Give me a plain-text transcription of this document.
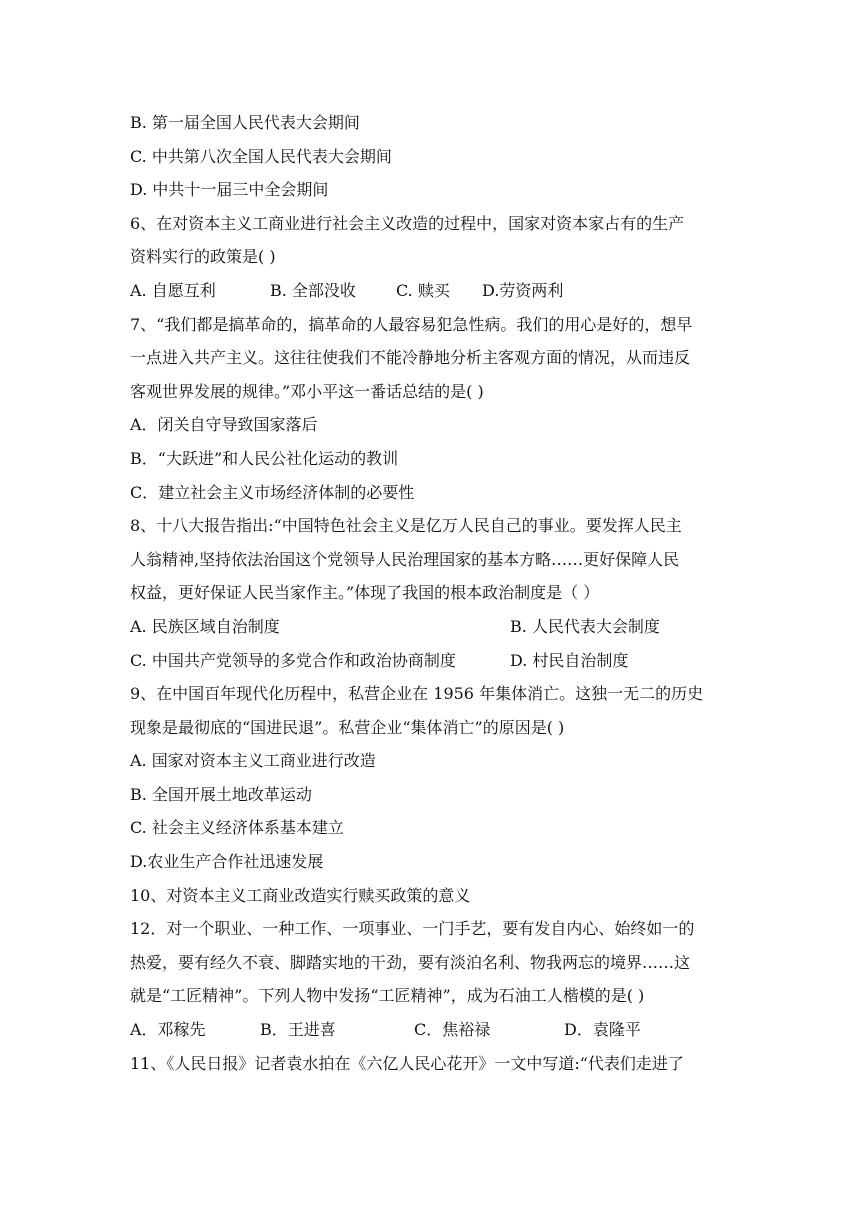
B. 第一届全国人民代表大会期间
C. 中共第八次全国人民代表大会期间
D. 中共十一届三中全会期间
6、在对资本主义工商业进行社会主义改造的过程中，国家对资本家占有的生产
资料实行的政策是( )
A. 自愿互利	B. 全部没收	C. 赎买	D.劳资两利
7、“我们都是搞革命的，搞革命的人最容易犯急性病。我们的用心是好的，想早
一点进入共产主义。这往往使我们不能冷静地分析主客观方面的情况，从而违反
客观世界发展的规律。”邓小平这一番话总结的是( )
A．闭关自守导致国家落后
B．“大跃进”和人民公社化运动的教训
C．建立社会主义市场经济体制的必要性
8、十八大报告指出:“中国特色社会主义是亿万人民自己的事业。要发挥人民主
人翁精神,坚持依法治国这个党领导人民治理国家的基本方略……更好保障人民
权益，更好保证人民当家作主。”体现了我国的根本政治制度是（ ）
A. 民族区域自治制度	B. 人民代表大会制度
C. 中国共产党领导的多党合作和政治协商制度	D. 村民自治制度
9、在中国百年现代化历程中，私营企业在 1956 年集体消亡。这独一无二的历史
现象是最彻底的“国进民退”。私营企业“集体消亡”的原因是( )
A. 国家对资本主义工商业进行改造
B. 全国开展土地改革运动
C. 社会主义经济体系基本建立
D.农业生产合作社迅速发展
10、对资本主义工商业改造实行赎买政策的意义
12．对一个职业、一种工作、一项事业、一门手艺，要有发自内心、始终如一的
热爱，要有经久不衰、脚踏实地的干劲，要有淡泊名利、物我两忘的境界……这
就是“工匠精神”。下列人物中发扬“工匠精神”，成为石油工人楷模的是( )
A．邓稼先	B．王进喜	C．焦裕禄	D．袁隆平
11、《人民日报》记者袁水拍在《六亿人民心花开》一文中写道:“代表们走进了
